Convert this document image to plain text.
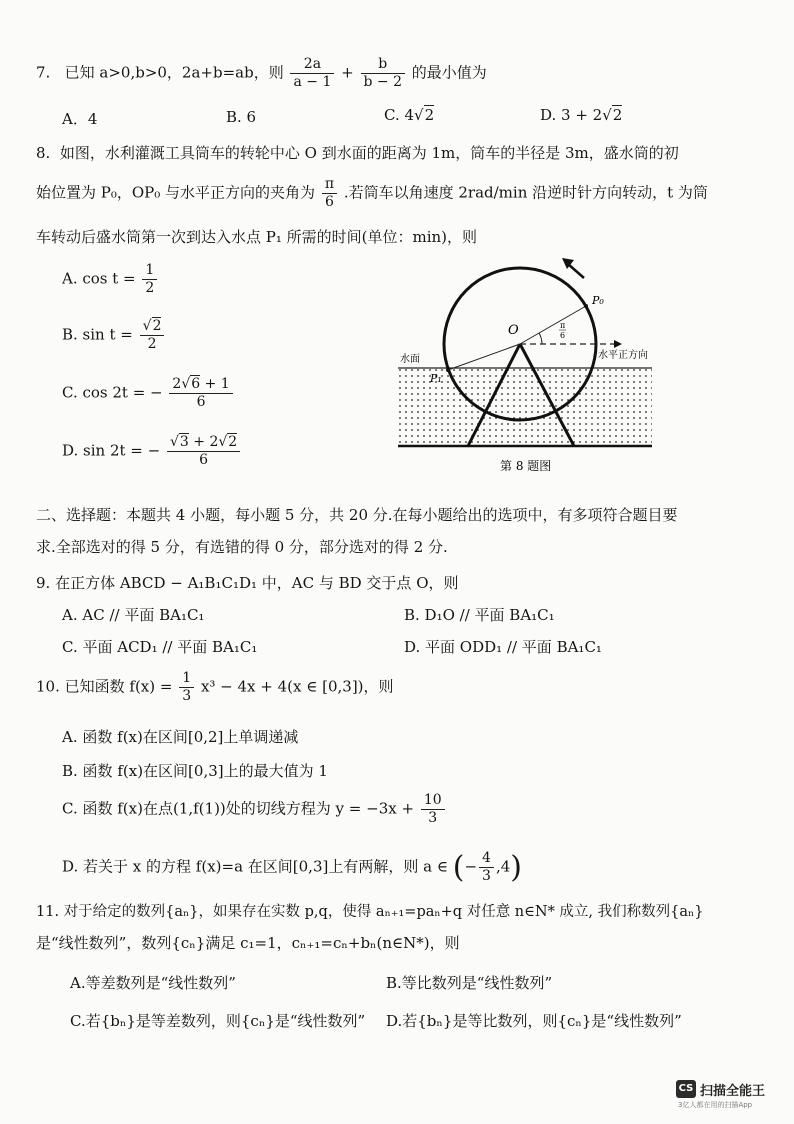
7. 已知 a>0,b>0，2a+b=ab，则 $\frac{2a}{a - 1} + \frac{b}{b - 2}$ 的最小值为
A．4	B. 6	C. 4√2	D. 3 + 2√2
8. 如图，水利灌溉工具筒车的转轮中心 O 到水面的距离为 1m，筒车的半径是 3m，盛水筒的初
始位置为 P₀，OP₀ 与水平正方向的夹角为 $\frac{\pi}{6}$ .若筒车以角速度 2rad/min 沿逆时针方向转动，t 为筒
车转动后盛水筒第一次到达入水点 P₁ 所需的时间(单位：min)，则
A. $\cos t = \frac{1}{2}$
B. $\sin t = \frac{√2}{2}$
C. cos 2t = − $\frac{2√6 + 1}{6}$
D. sin 2t = − $\frac{√3 + 2√2}{6}$
O
P₀
P₁
π
6
水面	水平正方向
第 8 题图
二、选择题：本题共 4 小题，每小题 5 分，共 20 分.在每小题给出的选项中，有多项符合题目要
求.全部选对的得 5 分，有选错的得 0 分，部分选对的得 2 分.
9. 在正方体 ABCD − A₁B₁C₁D₁ 中，AC 与 BD 交于点 O，则
A. AC // 平面 BA₁C₁	B. D₁O // 平面 BA₁C₁
C. 平面 ACD₁ // 平面 BA₁C₁	D. 平面 ODD₁ // 平面 BA₁C₁
10. 已知函数 $f(x) = \frac{1}{3} x^3 - 4x + 4(x$ ∈ [0,3])，则
A. 函数 f(x)在区间[0,2]上单调递减
B. 函数 f(x)在区间[0,3]上的最大值为 1
C. 函数 f(x)在点(1,f(1))处的切线方程为 $y = -3x + \frac{10}{3}$
D. 若关于 x 的方程 f(x)=a 在区间[0,3]上有两解，则 a ∈ (− $\frac{4}{3} ,4$)
11. 对于给定的数列{aₙ}，如果存在实数 p,q，使得 aₙ₊₁=paₙ+q 对任意 n∈N* 成立, 我们称数列{aₙ}
是“线性数列”，数列{cₙ}满足 c₁=1，cₙ₊₁=cₙ+bₙ(n∈N*)，则
A.等差数列是“线性数列”	B.等比数列是“线性数列”
C.若{bₙ}是等差数列，则{cₙ}是“线性数列” D.若{bₙ}是等比数列，则{cₙ}是“线性数列”
CS 扫描全能王
3亿人都在用的扫描App
